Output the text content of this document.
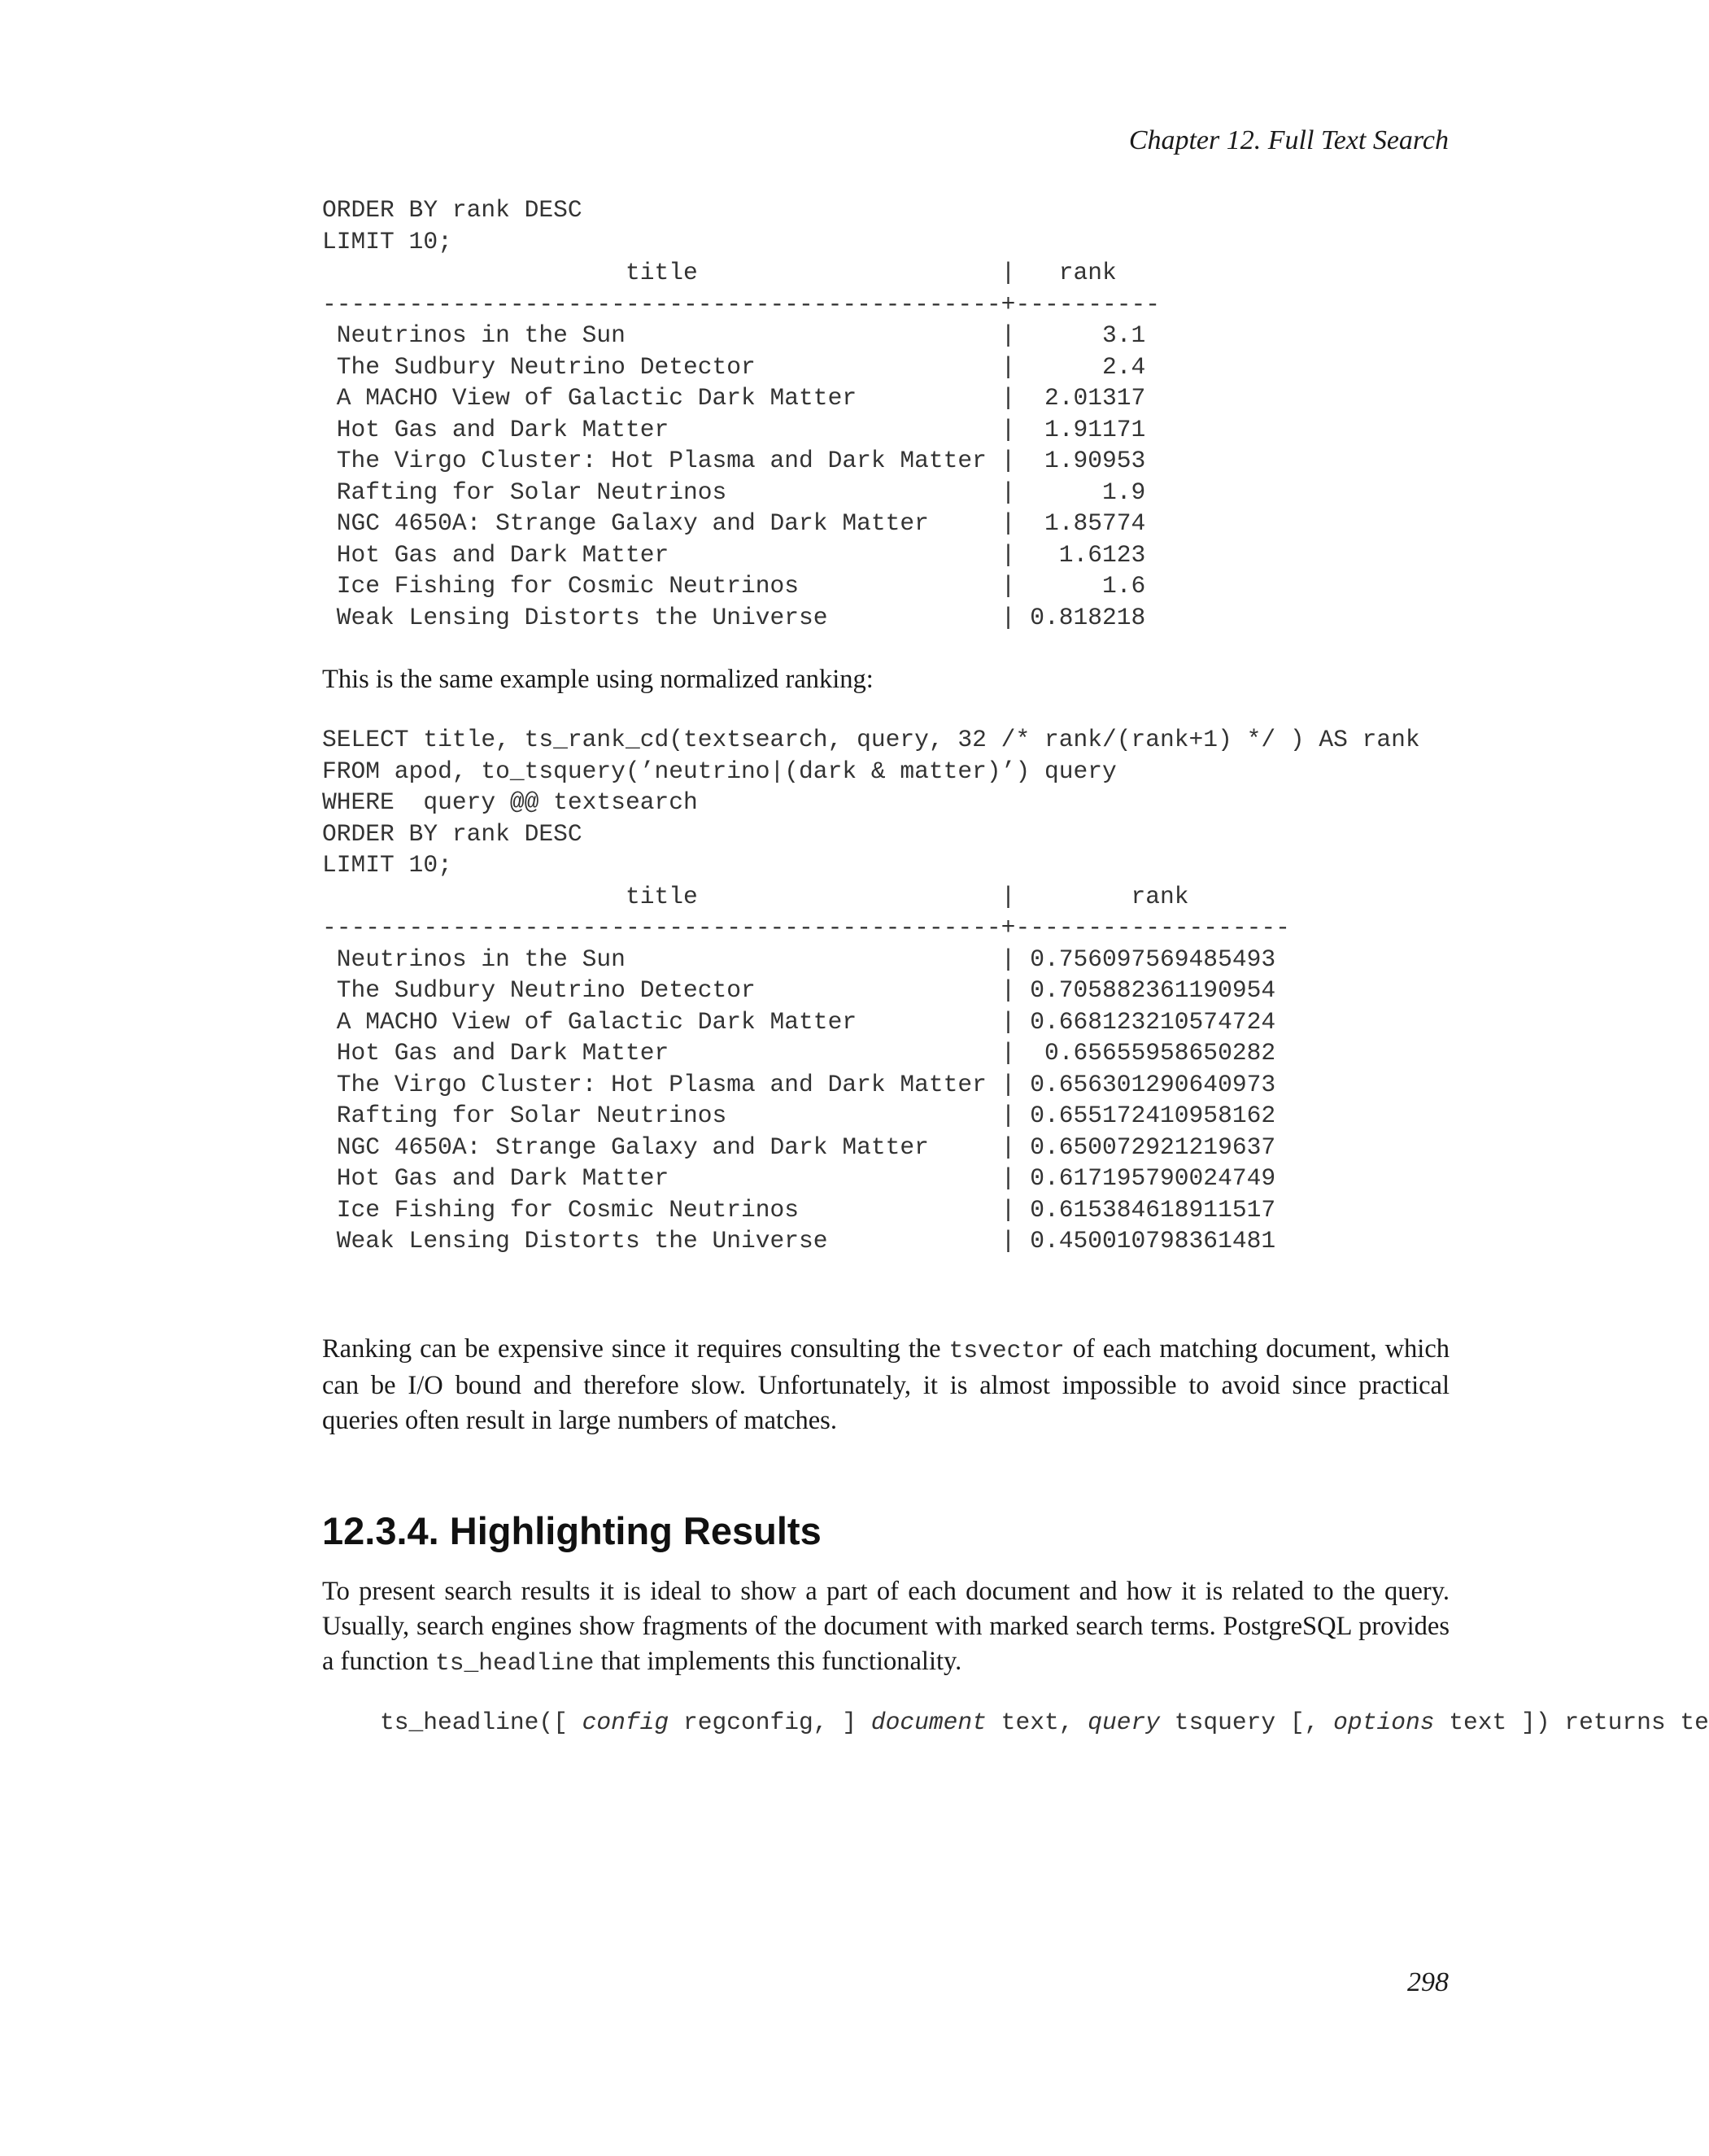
Chapter 12. Full Text Search
ORDER BY rank DESC
LIMIT 10;
title                     |   rank
-----------------------------------------------+----------
Neutrinos in the Sun                          |      3.1
The Sudbury Neutrino Detector                 |      2.4
A MACHO View of Galactic Dark Matter          |  2.01317
Hot Gas and Dark Matter                       |  1.91171
The Virgo Cluster: Hot Plasma and Dark Matter |  1.90953
Rafting for Solar Neutrinos                   |      1.9
NGC 4650A: Strange Galaxy and Dark Matter     |  1.85774
Hot Gas and Dark Matter                       |   1.6123
Ice Fishing for Cosmic Neutrinos              |      1.6
Weak Lensing Distorts the Universe            | 0.818218

This is the same example using normalized ranking:

SELECT title, ts_rank_cd(textsearch, query, 32 /* rank/(rank+1) */ ) AS rank
FROM apod, to_tsquery(’neutrino|(dark & matter)’) query
WHERE  query @@ textsearch
ORDER BY rank DESC
LIMIT 10;
title                     |        rank
-----------------------------------------------+-------------------
Neutrinos in the Sun                          | 0.756097569485493
The Sudbury Neutrino Detector                 | 0.705882361190954
A MACHO View of Galactic Dark Matter          | 0.668123210574724
Hot Gas and Dark Matter                       |  0.65655958650282
The Virgo Cluster: Hot Plasma and Dark Matter | 0.656301290640973
Rafting for Solar Neutrinos                   | 0.655172410958162
NGC 4650A: Strange Galaxy and Dark Matter     | 0.650072921219637
Hot Gas and Dark Matter                       | 0.617195790024749
Ice Fishing for Cosmic Neutrinos              | 0.615384618911517
Weak Lensing Distorts the Universe            | 0.450010798361481

Ranking can be expensive since it requires consulting the tsvector of each matching document, which can be I/O bound and therefore slow. Unfortunately, it is almost impossible to avoid since practical queries often result in large numbers of matches.

12.3.4. Highlighting Results

To present search results it is ideal to show a part of each document and how it is related to the query. Usually, search engines show fragments of the document with marked search terms. PostgreSQL provides a function ts_headline that implements this functionality.

ts_headline([ config regconfig, ] document text, query tsquery [, options text ]) returns te
298
